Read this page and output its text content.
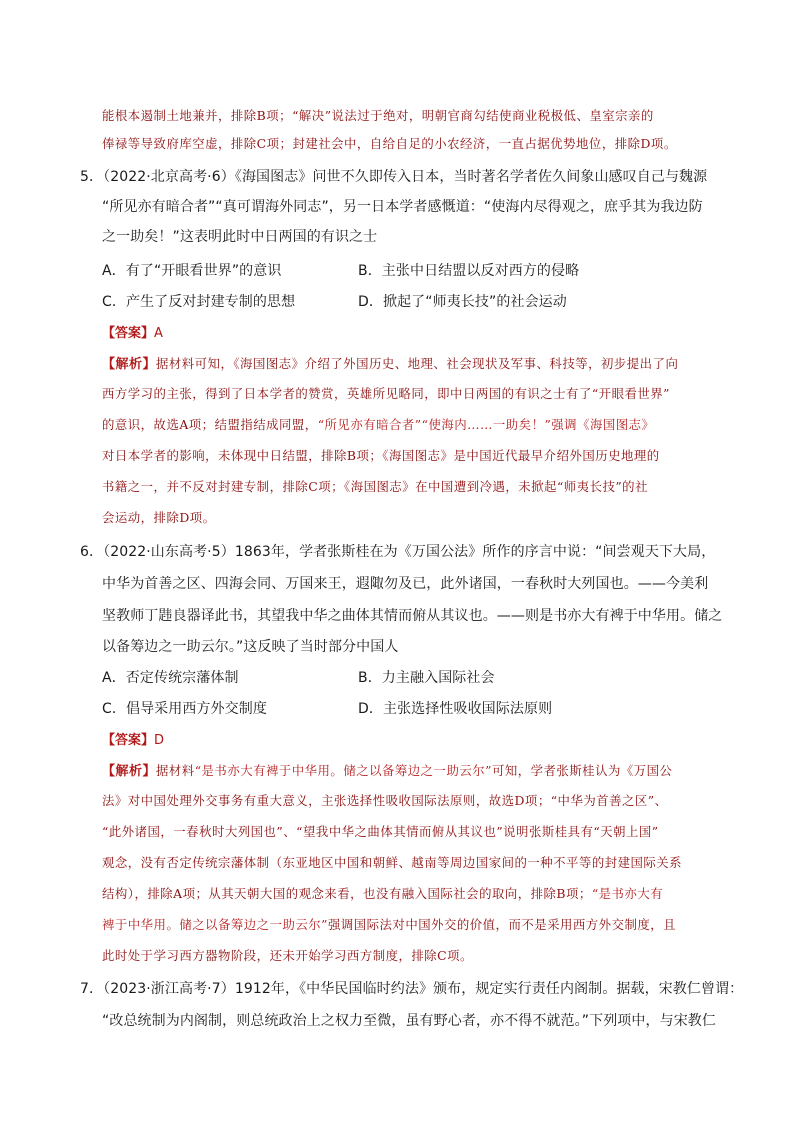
能根本遏制土地兼并，排除B项；“解决”说法过于绝对，明朝官商勾结使商业税极低、皇室宗亲的
俸禄等导致府库空虚，排除C项；封建社会中，自给自足的小农经济，一直占据优势地位，排除D项。
5．（2022·北京高考·6）《海国图志》问世不久即传入日本，当时著名学者佐久间象山感叹自己与魏源
“所见亦有暗合者”“真可谓海外同志”，另一日本学者感慨道：“使海内尽得观之，庶乎其为我边防
之一助矣！”这表明此时中日两国的有识之士
A．有了“开眼看世界”的意识	B．主张中日结盟以反对西方的侵略
C．产生了反对封建专制的思想	D．掀起了“师夷长技”的社会运动
【答案】A
【解析】据材料可知，《海国图志》介绍了外国历史、地理、社会现状及军事、科技等，初步提出了向
西方学习的主张，得到了日本学者的赞赏，英雄所见略同，即中日两国的有识之士有了“开眼看世界”
的意识，故选A项；结盟指结成同盟，“所见亦有暗合者”“使海内……一助矣！”强调《海国图志》
对日本学者的影响，未体现中日结盟，排除B项；《海国图志》是中国近代最早介绍外国历史地理的
书籍之一，并不反对封建专制，排除C项；《海国图志》在中国遭到冷遇，未掀起“师夷长技”的社
会运动，排除D项。
6．（2022·山东高考·5）1863年，学者张斯桂在为《万国公法》所作的序言中说：“间尝观天下大局，
中华为首善之区、四海会同、万国来王，遐陬勿及已，此外诸国，一春秋时大列国也。——今美利
坚教师丁韪良器译此书，其望我中华之曲体其情而俯从其议也。——则是书亦大有裨于中华用。储之
以备筹边之一助云尔。”这反映了当时部分中国人
A．否定传统宗藩体制	B．力主融入国际社会
C．倡导采用西方外交制度	D．主张选择性吸收国际法原则
【答案】D
【解析】据材料“是书亦大有裨于中华用。储之以备筹边之一助云尔”可知，学者张斯桂认为《万国公
法》对中国处理外交事务有重大意义，主张选择性吸收国际法原则，故选D项；“中华为首善之区”、
“此外诸国，一春秋时大列国也”、“望我中华之曲体其情而俯从其议也”说明张斯桂具有“天朝上国”
观念，没有否定传统宗藩体制（东亚地区中国和朝鲜、越南等周边国家间的一种不平等的封建国际关系
结构），排除A项；从其天朝大国的观念来看，也没有融入国际社会的取向，排除B项；“是书亦大有
裨于中华用。储之以备筹边之一助云尔”强调国际法对中国外交的价值，而不是采用西方外交制度，且
此时处于学习西方器物阶段，还未开始学习西方制度，排除C项。
7．（2023·浙江高考·7）1912年，《中华民国临时约法》颁布，规定实行责任内阁制。据载，宋教仁曾谓：
“改总统制为内阁制，则总统政治上之权力至微，虽有野心者，亦不得不就范。”下列项中，与宋教仁
